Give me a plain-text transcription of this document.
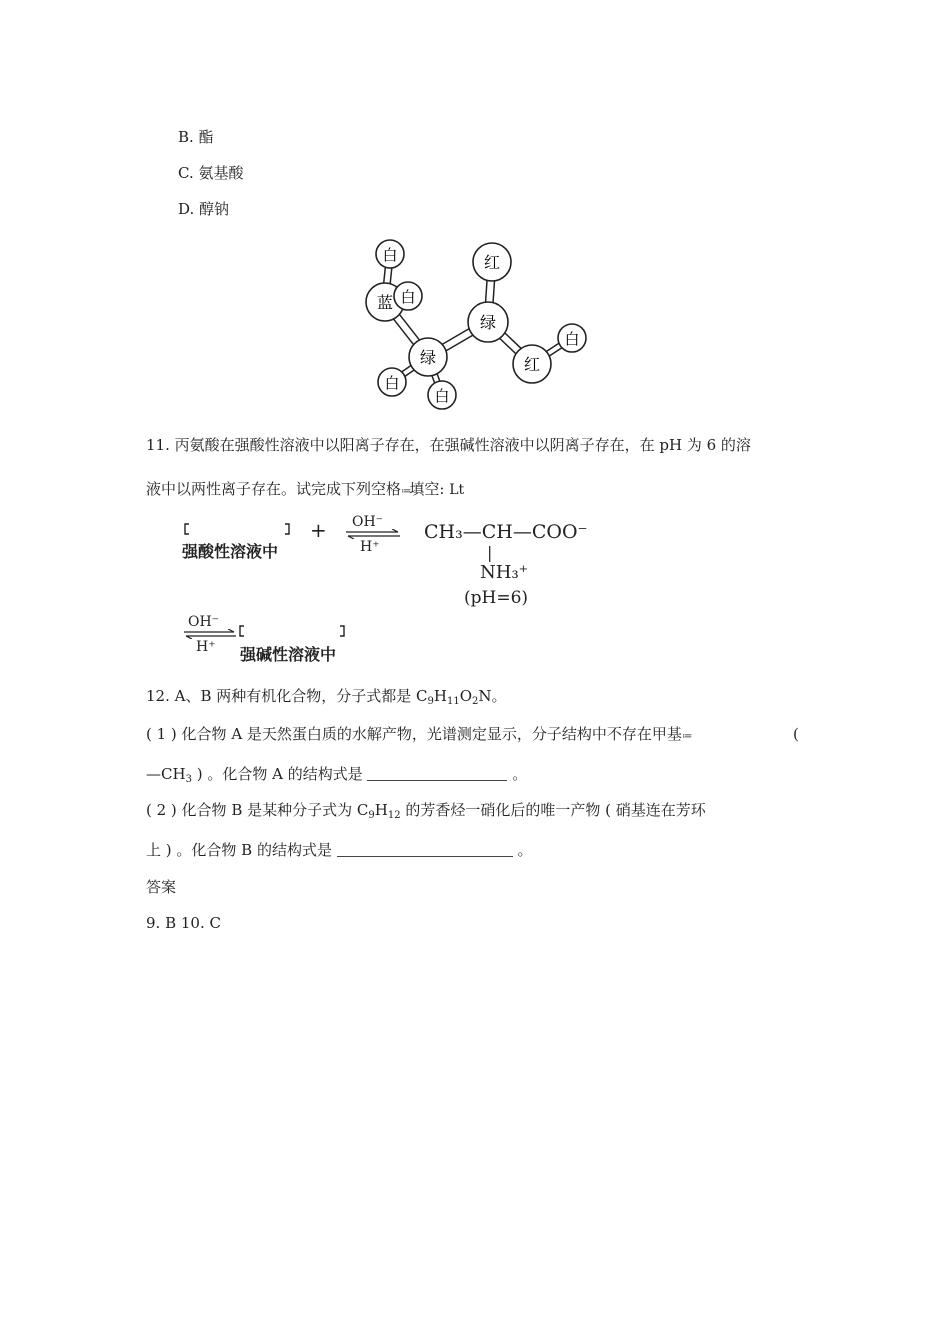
B. 酯
C. 氨基酸
D. 醇钠
白
蓝 白
绿
白
白
绿
红
红
白
11. 丙氨酸在强酸性溶液中以阳离子存在，在强碱性溶液中以阴离子存在，在 pH 为 6 的溶
液中以两性离子存在。试完成下列空格≔填空: Lt
强酸性溶液中
+ OH⁻
H⁺
CH₃—CH—COO⁻
|
NH₃⁺
(pH=6)
OH⁻
H⁺ 强碱性溶液中
12. A、B 两种有机化合物，分子式都是 $C_9H_{11}O_2N$。
( 1 ) 化合物 A 是天然蛋白质的水解产物，光谱测定显示，分子结构中不存在甲基≔	(
$—CH_3$ ) 。化合物 A 的结构式是	。
( 2 ) 化合物 B 是某种分子式为 $C_9H_{12}$ 的芳香烃一硝化后的唯一产物 ( 硝基连在芳环
上 ) 。化合物 B 的结构式是	。
答案
9. B 10. C
